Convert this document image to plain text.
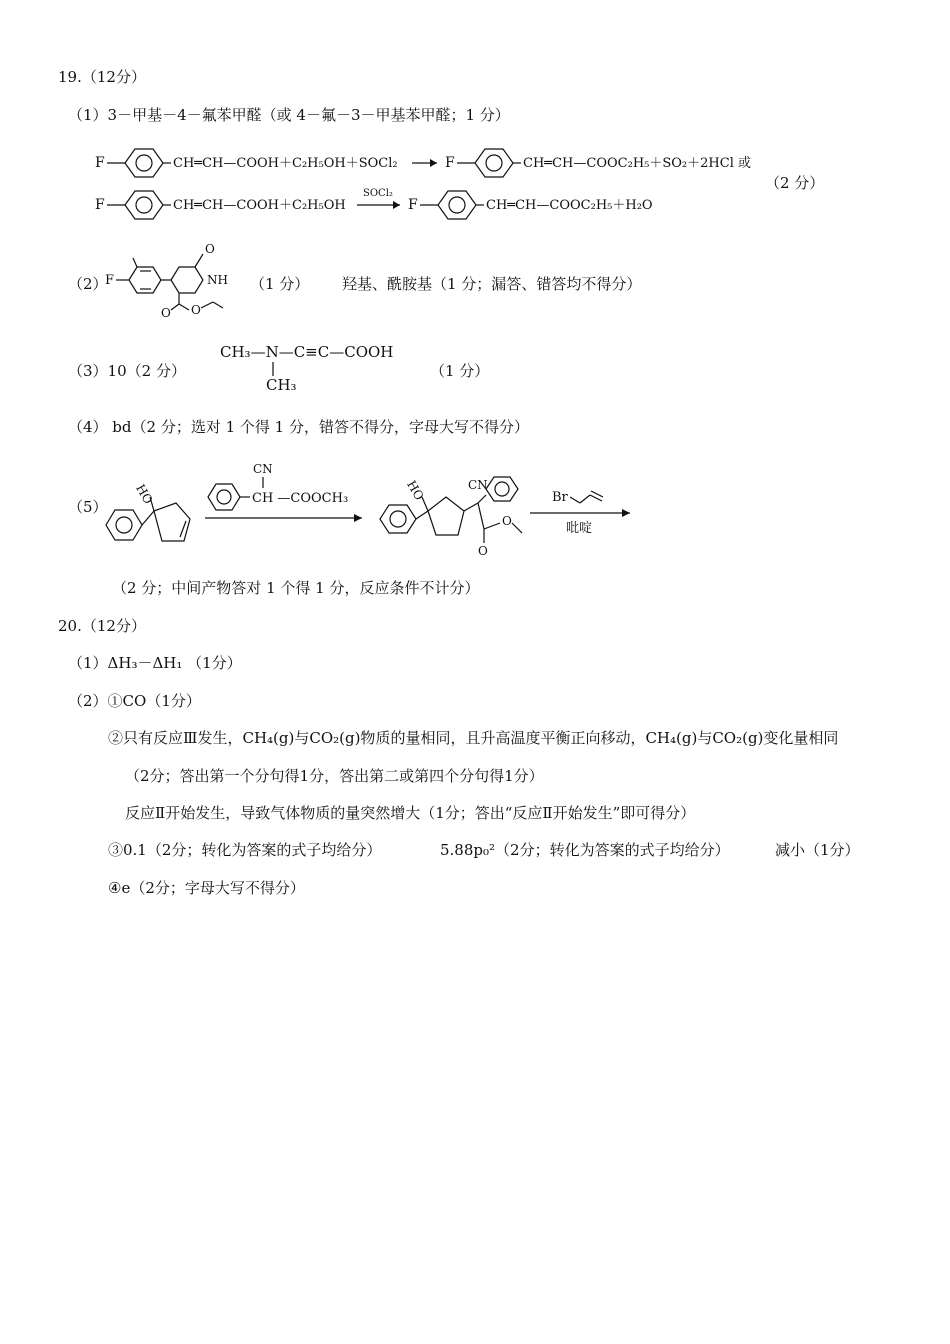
19.（12分）
（1）3－甲基－4－氟苯甲醛（或 4－氟－3－甲基苯甲醛；1 分）
F	CH═CH—COOH＋C₂H₅OH＋SOCl₂	F	CH═CH—COOC₂H₅＋SO₂＋2HCl 或
（2 分）
F	CH═CH—COOH＋C₂H₅OH
SOCl₂
F	CH═CH—COOC₂H₅＋H₂O
（2）
F
O
NH
O O
（1 分） 羟基、酰胺基（1 分；漏答、错答均不得分）
（3）10（2 分）
CH₃—N—C≡C—COOH
CH₃
（1 分）
（4） bd（2 分；选对 1 个得 1 分，错答不得分，字母大写不得分）
（5）
HO	CH —COOCH₃
CN
HO	CN
O
O
Br
吡啶
（2 分；中间产物答对 1 个得 1 分，反应条件不计分）
20.（12分）
（1）ΔH₃－ΔH₁ （1分）
（2）①CO（1分）
②只有反应Ⅲ发生，CH₄(g)与CO₂(g)物质的量相同，且升高温度平衡正向移动，CH₄(g)与CO₂(g)变化量相同
（2分；答出第一个分句得1分，答出第二或第四个分句得1分）
反应Ⅱ开始发生，导致气体物质的量突然增大（1分；答出“反应Ⅱ开始发生”即可得分）
③0.1（2分；转化为答案的式子均给分）	5.88p₀²（2分；转化为答案的式子均给分）	减小（1分）
④e（2分；字母大写不得分）
